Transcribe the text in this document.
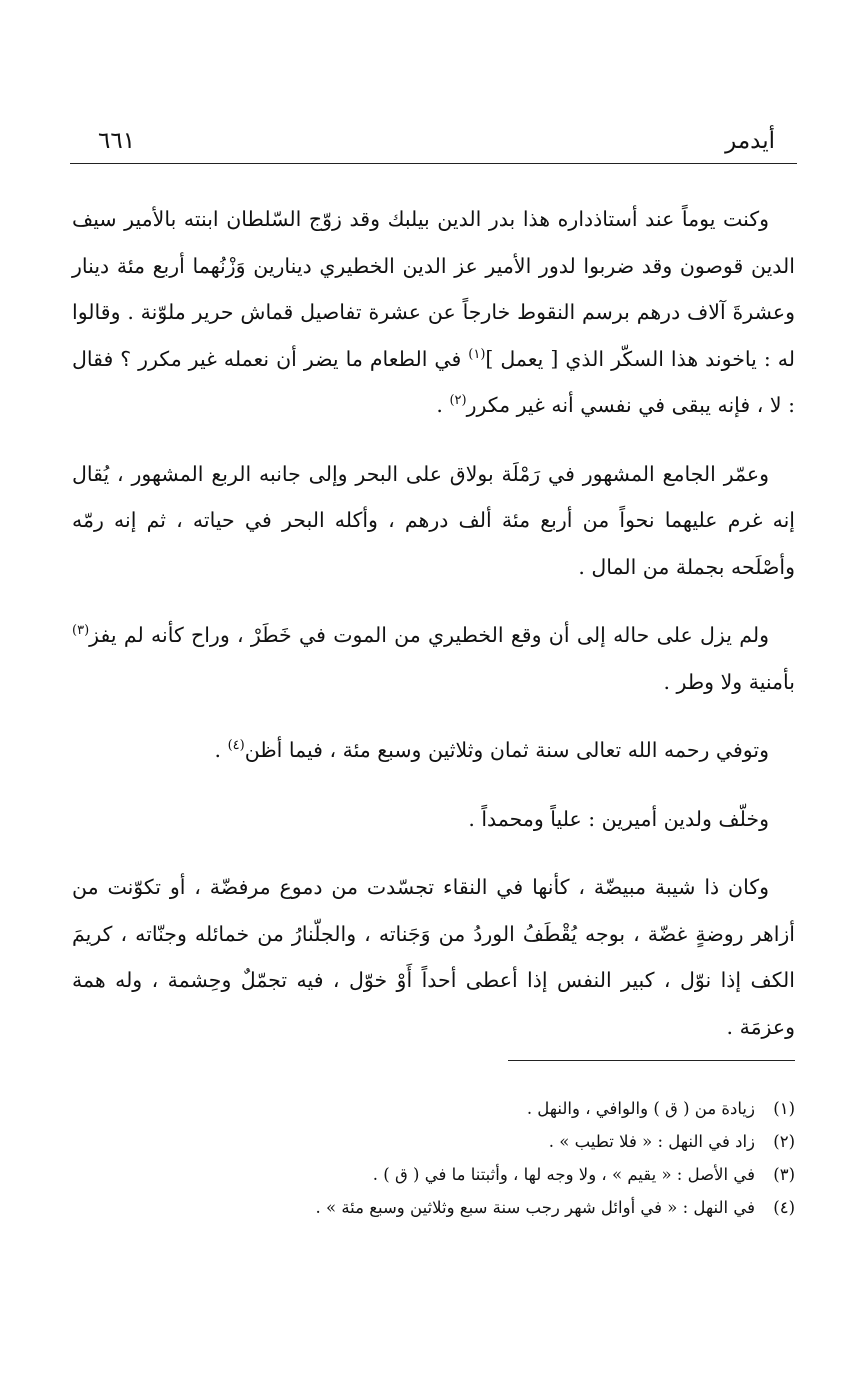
أيدمر
٦٦١

وكنت يوماً عند أستاذداره هذا بدر الدين بيلبك وقد زوّج السّلطان ابنته بالأمير سيف الدين قوصون وقد ضربوا لدور الأمير عز الدين الخطيري دينارين وَزْنُهما أربع مئة دينار وعشرةَ آلاف درهم برسم النقوط خارجاً عن عشرة تفاصيل قماش حرير ملوّنة . وقالوا له : ياخوند هذا السكّر الذي [ يعمل ]$^{(١)}$ في الطعام ما يضر أن نعمله غير مكرر ؟ فقال : لا ، فإنه يبقى في نفسي أنه غير مكرر$^{(٢)}$ .

وعمّر الجامع المشهور في رَمْلَة بولاق على البحر وإلى جانبه الربع المشهور ، يُقال إنه غرم عليهما نحواً من أربع مئة ألف درهم ، وأكله البحر في حياته ، ثم إنه رمّه وأصْلَحه بجملة من المال .

ولم يزل على حاله إلى أن وقع الخطيري من الموت في خَطَرْ ، وراح كأنه لم يفز$^{(٣)}$ بأمنية ولا وطر .

وتوفي رحمه الله تعالى سنة ثمان وثلاثين وسبع مئة ، فيما أظن$^{(٤)}$ .

وخلّف ولدين أميرين : علياً ومحمداً .

وكان ذا شيبة مبيضّة ، كأنها في النقاء تجسّدت من دموع مرفضّة ، أو تكوّنت من أزاهر روضةٍ غضّة ، بوجه يُقْطَفُ الوردُ من وَجَناته ، والجلّنارُ من خمائله وجنّاته ، كريمَ الكف إذا نوّل ، كبير النفس إذا أعطى أحداً أَوْ خوّل ، فيه تجمّلٌ وحِشمة ، وله همة وعزمَة .

(١)
زيادة من ( ق ) والوافي ، والنهل .
(٢)
زاد في النهل : « فلا تطيب » .
(٣)
في الأصل : « يقيم » ، ولا وجه لها ، وأثبتنا ما في ( ق ) .
(٤)
في النهل : « في أوائل شهر رجب سنة سبع وثلاثين وسبع مئة » .
